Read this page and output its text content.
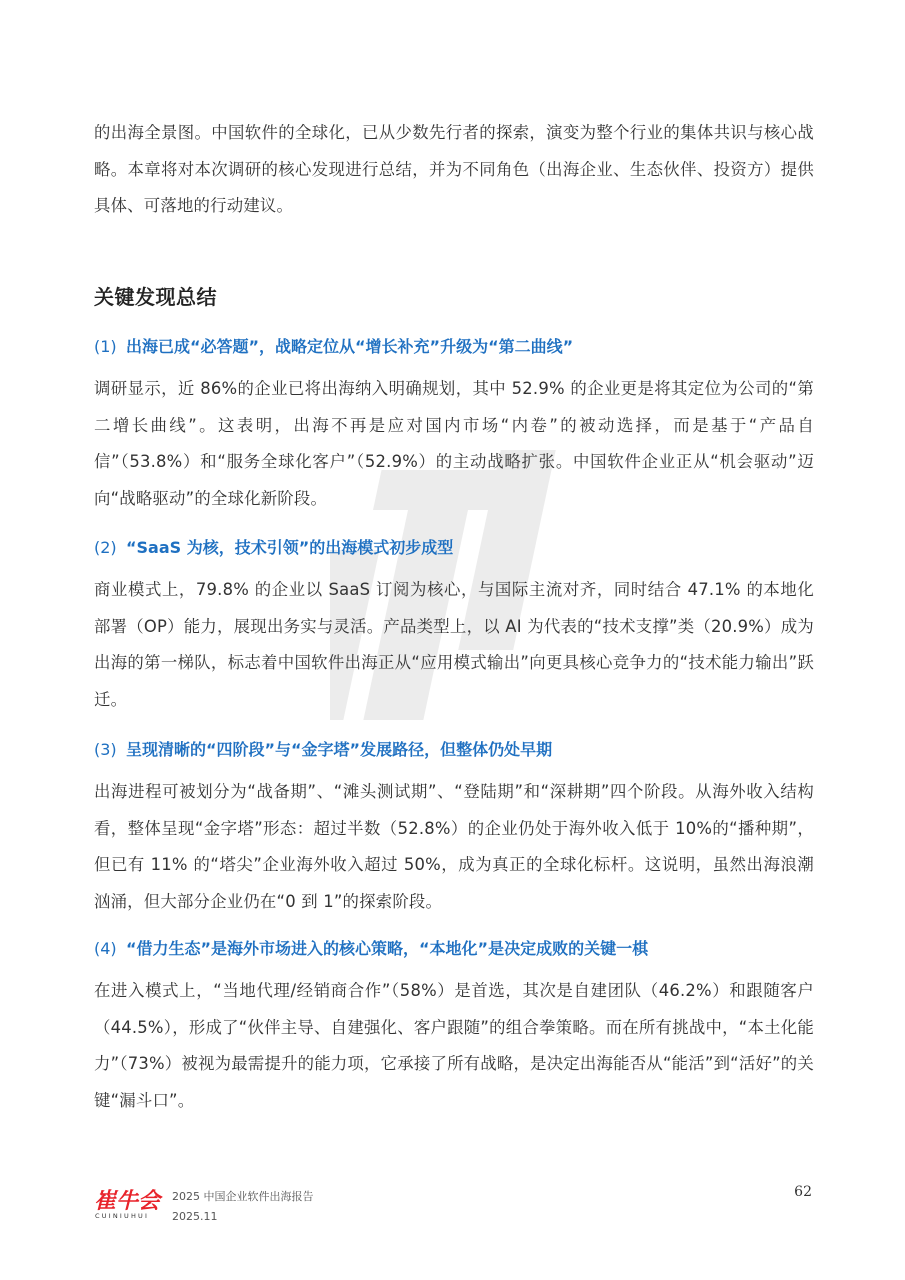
的出海全景图。中国软件的全球化，已从少数先行者的探索，演变为整个行业的集体共识与核心战略。本章将对本次调研的核心发现进行总结，并为不同角色（出海企业、生态伙伴、投资方）提供具体、可落地的行动建议。

关键发现总结
(1) 出海已成“必答题”，战略定位从“增长补充”升级为“第二曲线”

调研显示，近 86%的企业已将出海纳入明确规划，其中 52.9% 的企业更是将其定位为公司的“第二增长曲线”。这表明，出海不再是应对国内市场“内卷”的被动选择，而是基于“产品自信”（53.8%）和“服务全球化客户”（52.9%）的主动战略扩张。中国软件企业正从“机会驱动”迈向“战略驱动”的全球化新阶段。

(2) “SaaS 为核，技术引领”的出海模式初步成型

商业模式上，79.8% 的企业以 SaaS 订阅为核心，与国际主流对齐，同时结合 47.1% 的本地化部署（OP）能力，展现出务实与灵活。产品类型上，以 AI 为代表的“技术支撑”类（20.9%）成为出海的第一梯队，标志着中国软件出海正从“应用模式输出”向更具核心竞争力的“技术能力输出”跃迁。

(3) 呈现清晰的“四阶段”与“金字塔”发展路径，但整体仍处早期

出海进程可被划分为“战备期”、“滩头测试期”、“登陆期”和“深耕期”四个阶段。从海外收入结构看，整体呈现“金字塔”形态：超过半数（52.8%）的企业仍处于海外收入低于 10%的“播种期”，但已有 11% 的“塔尖”企业海外收入超过 50%，成为真正的全球化标杆。这说明，虽然出海浪潮汹涌，但大部分企业仍在“0 到 1”的探索阶段。

(4) “借力生态”是海外市场进入的核心策略，“本地化”是决定成败的关键一棋

在进入模式上，“当地代理/经销商合作”（58%）是首选，其次是自建团队（46.2%）和跟随客户（44.5%），形成了“伙伴主导、自建强化、客户跟随”的组合拳策略。而在所有挑战中，“本土化能力”（73%）被视为最需提升的能力项，它承接了所有战略，是决定出海能否从“能活”到“活好”的关键“漏斗口”。

崔牛会
CUINIUHUI

2025 中国企业软件出海报告

2025.11

62
